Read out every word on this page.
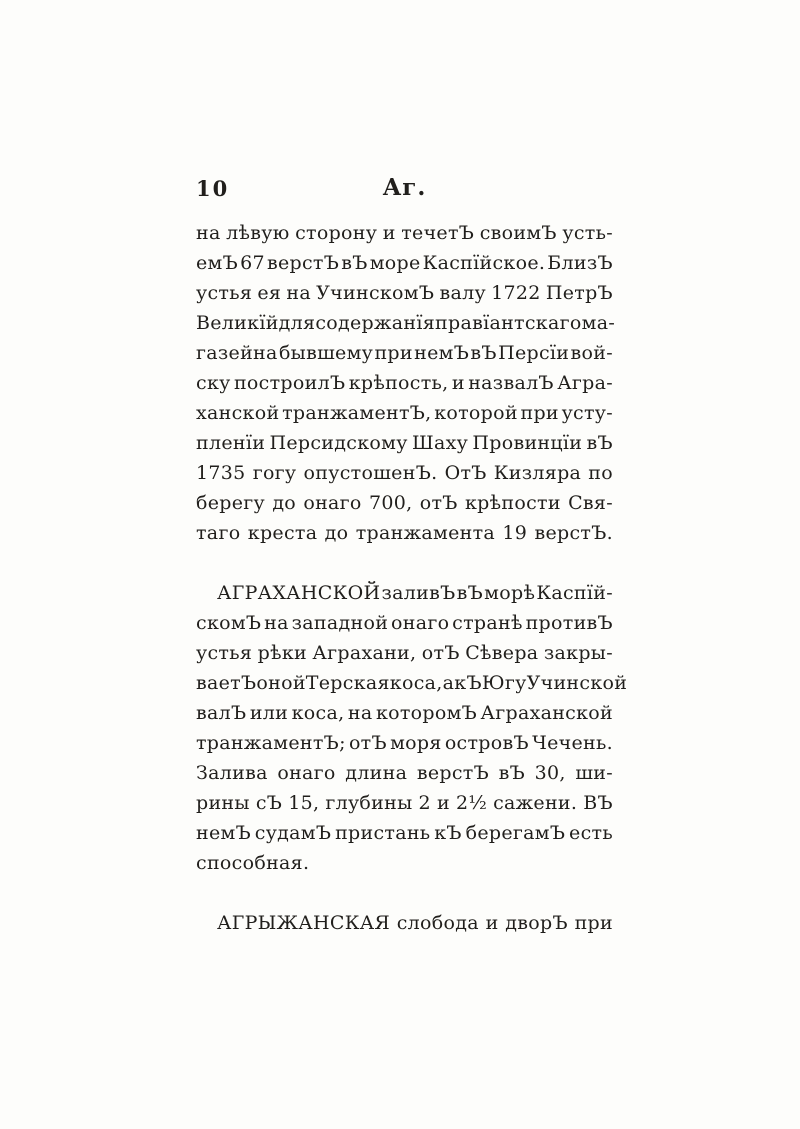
10	Аг.
на лѣвую сторону и течетЪ своимЪ усть-
емЪ 67 верстЪ вЪ море Каспїйское. БлизЪ
устья ея на УчинскомЪ валу 1722 ПетрЪ
Великїй для содержанїя правїантскаго ма-
газейна бывшему при немЪ вЪ Персїи вой-
ску построилЪ крѣпость, и назвалЪ Агра-
ханской транжаментЪ, которой при усту-
пленїи Персидскому Шаху Провинцїи вЪ
1735 гогу опустошенЪ. ОтЪ Кизляра по
берегу до онаго 700, отЪ крѣпости Свя-
таго креста до транжамента 19 верстЪ.
АГРАХАНСКОЙ заливЪ вЪ морѣ Каспїй-
скомЪ на западной онаго странѣ противЪ
устья рѣки Аграхани, отЪ Сѣвера закры-
ваетЪ оной Терская коса, а кЪ Югу Учинской
валЪ или коса, на которомЪ Аграханской
транжаментЪ; отЪ моря островЪ Чечень.
Залива онаго длина верстЪ вЪ 30, ши-
рины сЪ 15, глубины 2 и 2½ сажени. ВЪ
немЪ судамЪ пристань кЪ берегамЪ есть
способная.
АГРЫЖАНСКАЯ слобода и дворЪ при
